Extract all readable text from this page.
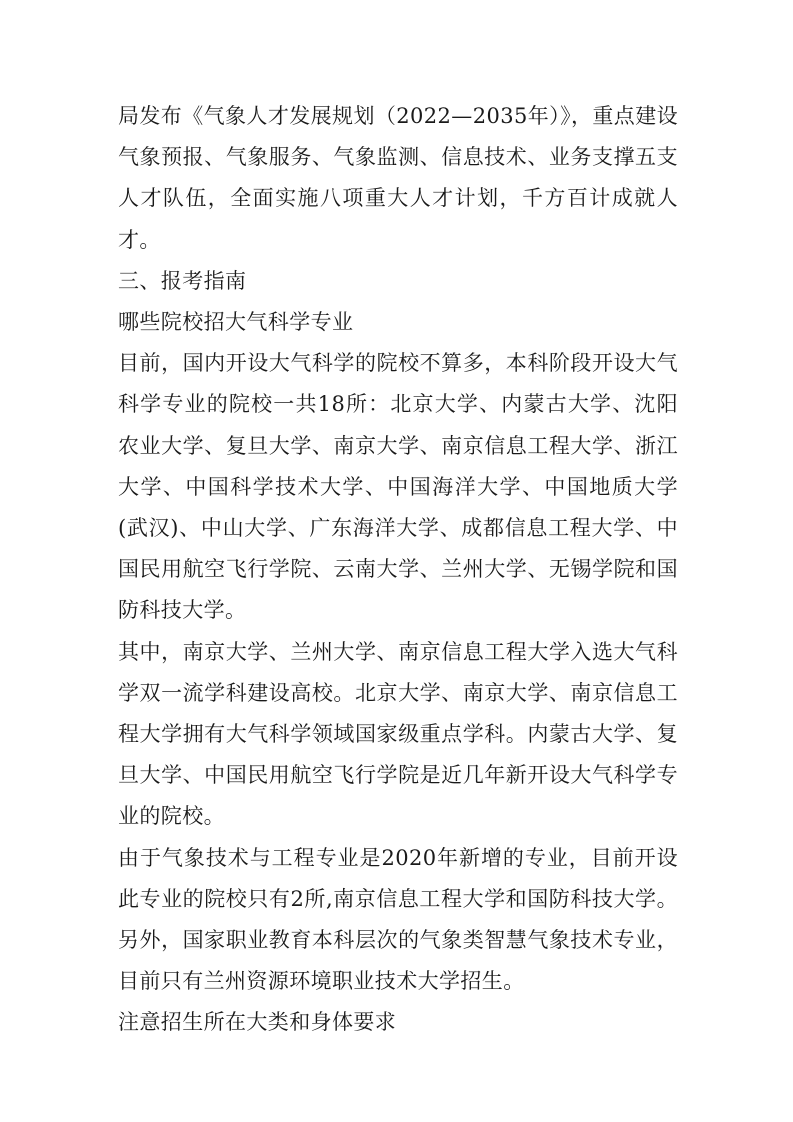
局发布《气象人才发展规划（2022—2035年）》，重点建设气象预报、气象服务、气象监测、信息技术、业务支撑五支人才队伍，全面实施八项重大人才计划，千方百计成就人才。

三、报考指南

哪些院校招大气科学专业

目前，国内开设大气科学的院校不算多，本科阶段开设大气科学专业的院校一共18所：北京大学、内蒙古大学、沈阳农业大学、复旦大学、南京大学、南京信息工程大学、浙江大学、中国科学技术大学、中国海洋大学、中国地质大学(武汉)、中山大学、广东海洋大学、成都信息工程大学、中国民用航空飞行学院、云南大学、兰州大学、无锡学院和国防科技大学。

其中，南京大学、兰州大学、南京信息工程大学入选大气科学双一流学科建设高校。北京大学、南京大学、南京信息工程大学拥有大气科学领域国家级重点学科。内蒙古大学、复旦大学、中国民用航空飞行学院是近几年新开设大气科学专业的院校。

由于气象技术与工程专业是2020年新增的专业，目前开设此专业的院校只有2所,南京信息工程大学和国防科技大学。另外，国家职业教育本科层次的气象类智慧气象技术专业，目前只有兰州资源环境职业技术大学招生。

注意招生所在大类和身体要求
